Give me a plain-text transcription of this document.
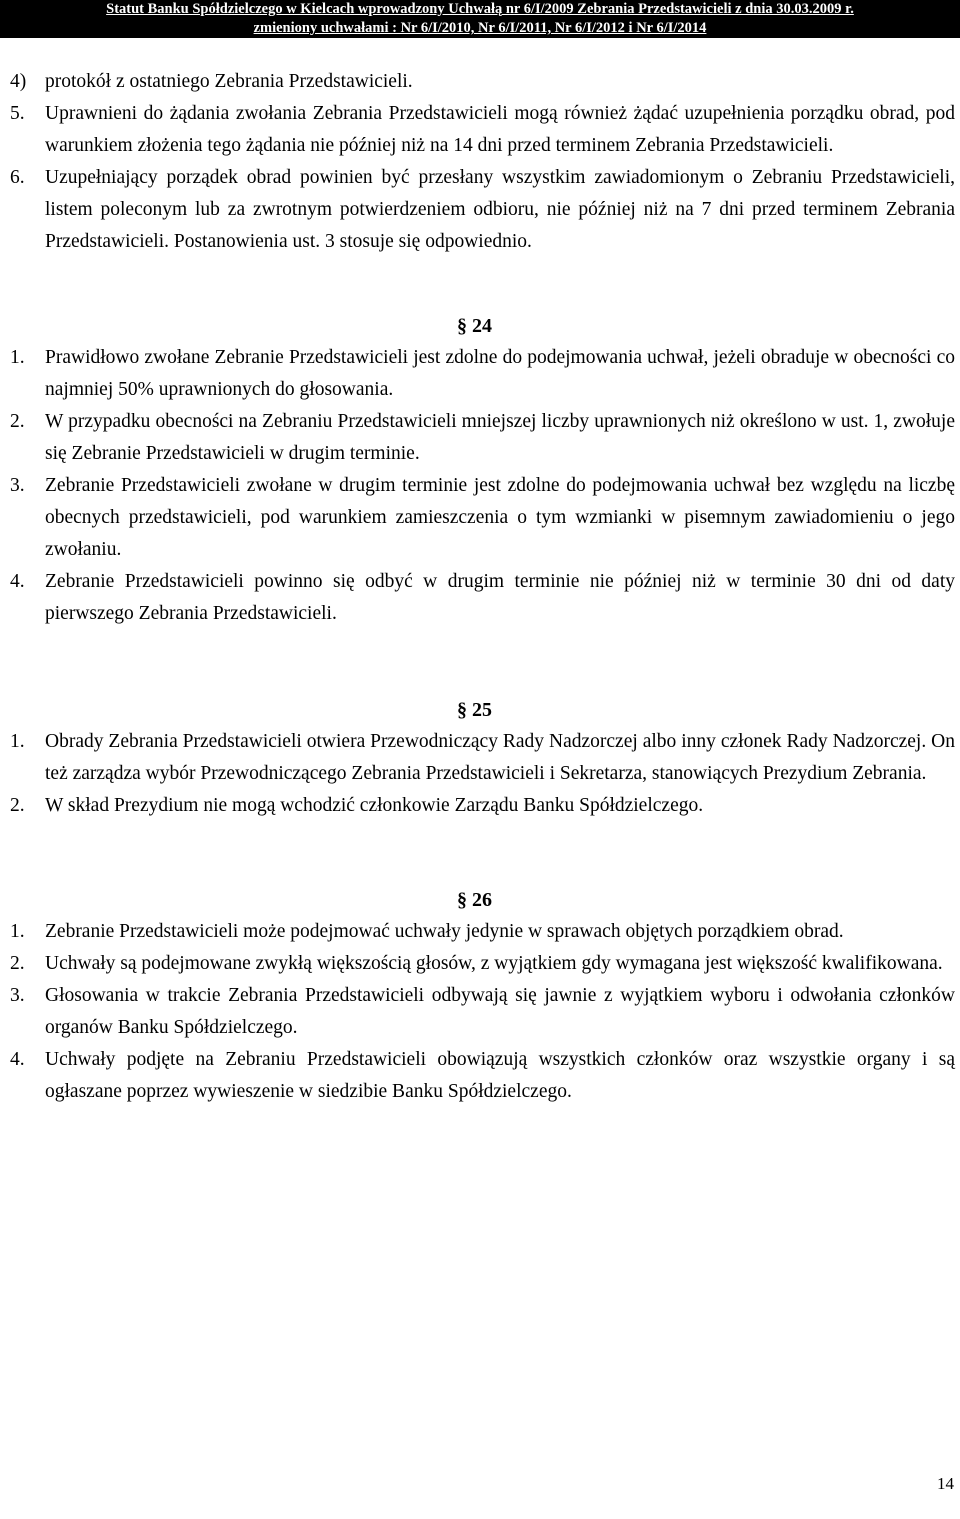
Statut Banku Spółdzielczego w Kielcach wprowadzony Uchwałą nr 6/I/2009 Zebrania Przedstawicieli z dnia 30.03.2009 r.
zmieniony uchwałami : Nr 6/I/2010, Nr 6/I/2011, Nr 6/I/2012 i Nr 6/I/2014
4) protokół z ostatniego Zebrania Przedstawicieli.
5.	Uprawnieni do żądania zwołania Zebrania Przedstawicieli mogą również żądać uzupełnienia porządku obrad, pod warunkiem złożenia tego żądania nie później niż na 14 dni przed terminem Zebrania Przedstawicieli.
6.	Uzupełniający porządek obrad powinien być przesłany wszystkim zawiadomionym o Zebraniu Przedstawicieli, listem poleconym lub za zwrotnym potwierdzeniem odbioru, nie później niż na 7 dni przed terminem Zebrania Przedstawicieli. Postanowienia ust. 3 stosuje się odpowiednio.
§ 24
1.	Prawidłowo zwołane Zebranie Przedstawicieli jest zdolne do podejmowania uchwał, jeżeli obraduje w obecności co najmniej 50% uprawnionych do głosowania.
2.	W przypadku obecności na Zebraniu Przedstawicieli mniejszej liczby uprawnionych niż określono w ust. 1, zwołuje się Zebranie Przedstawicieli w drugim terminie.
3.	Zebranie Przedstawicieli zwołane w drugim terminie jest zdolne do podejmowania uchwał bez względu na liczbę obecnych przedstawicieli, pod warunkiem zamieszczenia o tym wzmianki w pisemnym zawiadomieniu o jego zwołaniu.
4.	Zebranie Przedstawicieli powinno się odbyć w drugim terminie nie później niż w terminie 30 dni od daty pierwszego Zebrania Przedstawicieli.
§ 25
1.	Obrady Zebrania Przedstawicieli otwiera Przewodniczący Rady Nadzorczej albo inny członek Rady Nadzorczej. On też zarządza wybór Przewodniczącego Zebrania Przedstawicieli i Sekretarza, stanowiących Prezydium Zebrania.
2.	W skład Prezydium nie mogą wchodzić członkowie Zarządu Banku Spółdzielczego.
§ 26
1.	Zebranie Przedstawicieli może podejmować uchwały jedynie w sprawach objętych porządkiem obrad.
2.	Uchwały są podejmowane zwykłą większością głosów, z wyjątkiem gdy wymagana jest większość kwalifikowana.
3.	Głosowania w trakcie Zebrania Przedstawicieli odbywają się jawnie z wyjątkiem wyboru i odwołania członków organów Banku Spółdzielczego.
4.	Uchwały podjęte na Zebraniu Przedstawicieli obowiązują wszystkich członków oraz wszystkie organy i są ogłaszane poprzez wywieszenie w siedzibie Banku Spółdzielczego.
14
